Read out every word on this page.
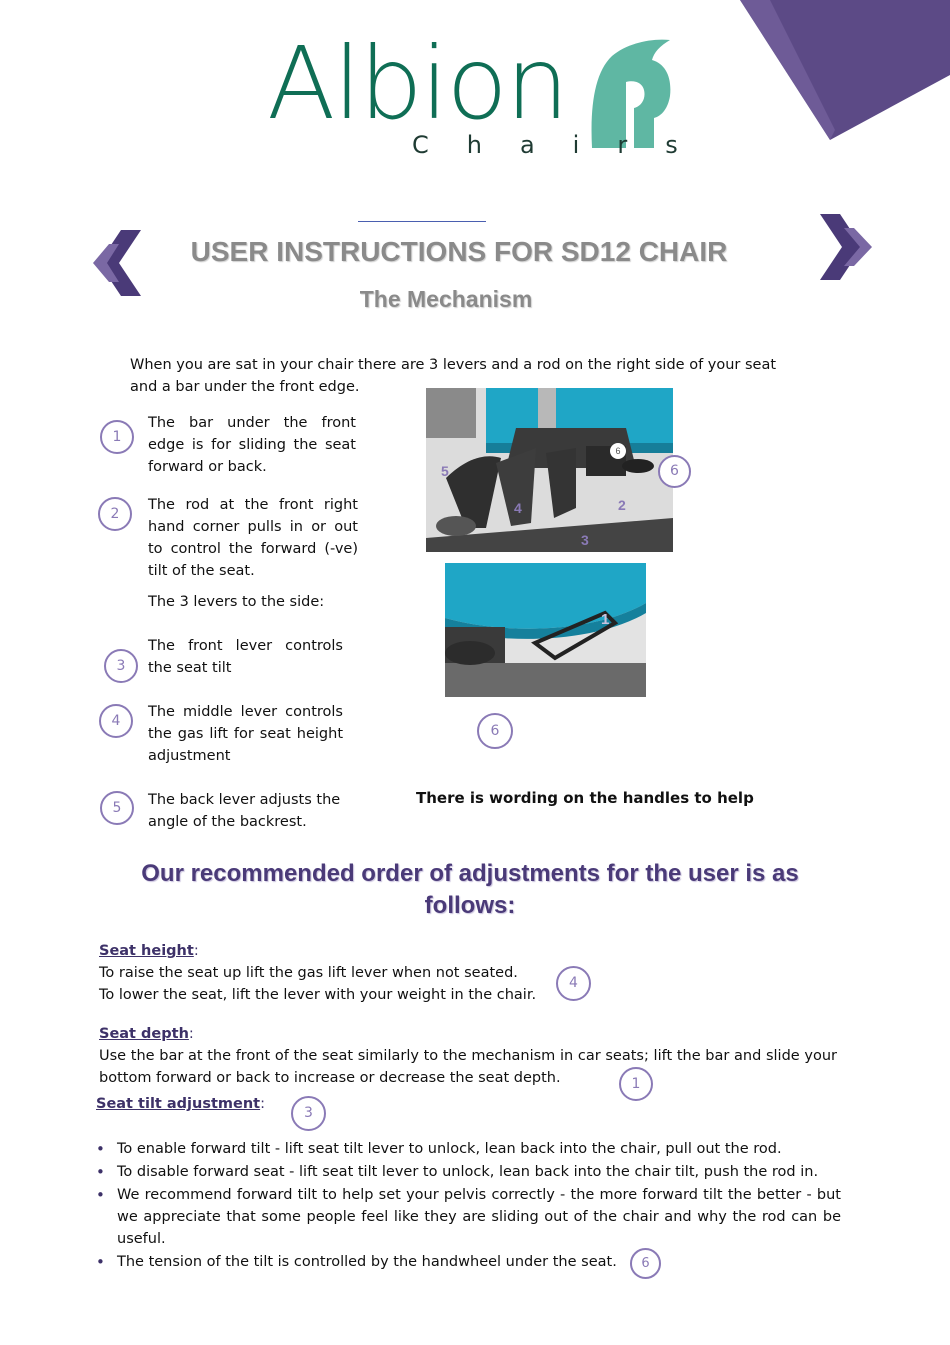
Albion
Chairs
USER INSTRUCTIONS FOR SD12 CHAIR
The Mechanism
When you are sat in your chair there are 3 levers and a rod on the right side of your seat and a bar under the front edge.
1
The bar under the front edge is for sliding the seat forward or back.
2
The rod at the front right hand corner pulls in or out to control the forward (-ve) tilt of the seat.
The 3 levers to the side:
3
The front lever controls the seat tilt
4
The middle lever controls the gas lift for seat height adjustment
5	The back lever adjusts the angle of the backrest.
5
4	2
3
6
6
1
6
There is wording on the handles to help
Our recommended order of adjustments for the user is as follows:
Seat height:
To raise the seat up lift the gas lift lever when not seated.
To lower the seat, lift the lever with your weight in the chair.
4
Seat depth:
Use the bar at the front of the seat similarly to the mechanism in car seats; lift the bar and slide your bottom forward or back to increase or decrease the seat depth.	1
Seat tilt adjustment:
3
• To enable forward tilt - lift seat tilt lever to unlock, lean back into the chair, pull out the rod.
• To disable forward seat - lift seat tilt lever to unlock, lean back into the chair tilt, push the rod in.
• We recommend forward tilt to help set your pelvis correctly - the more forward tilt the better - but we appreciate that some people feel like they are sliding out of the chair and why the rod can be useful.
• The tension of the tilt is controlled by the handwheel under the seat.	6
